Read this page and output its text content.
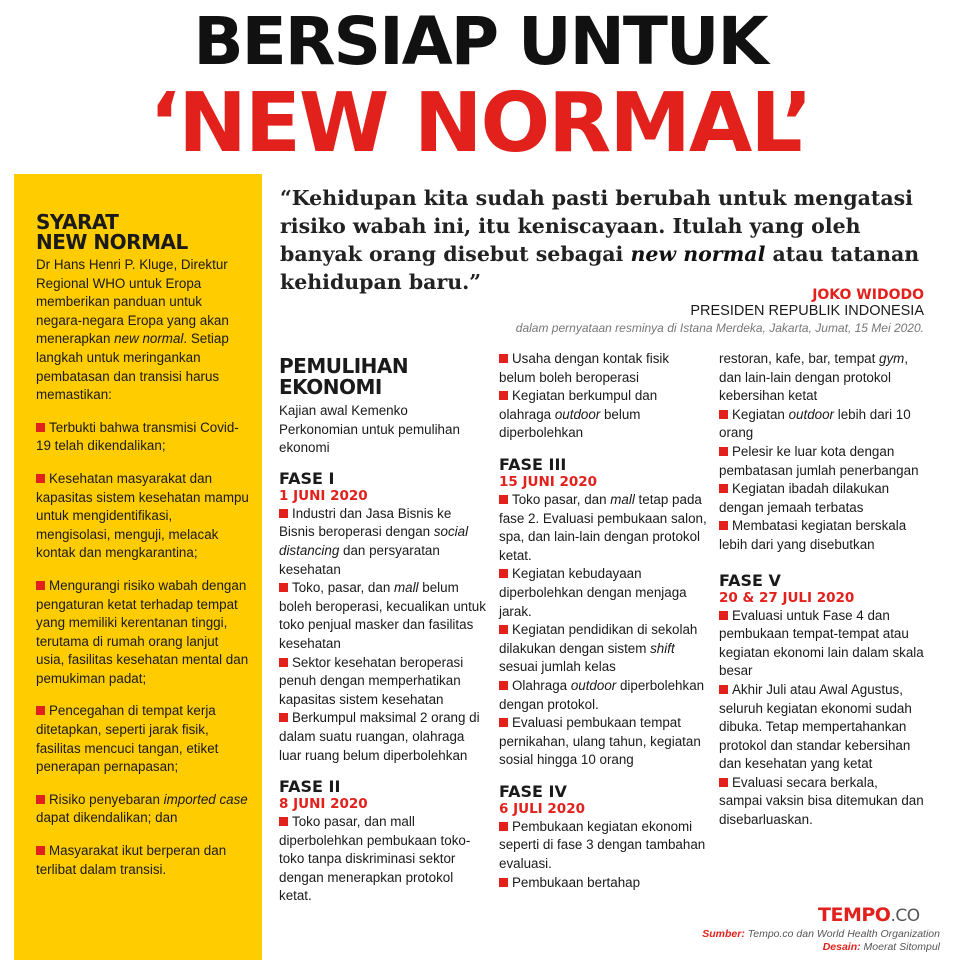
BERSIAP UNTUK
‘NEW NORMAL’
SYARAT
NEW NORMAL
Dr Hans Henri P. Kluge, Direktur Regional WHO untuk Eropa memberikan panduan untuk negara-negara Eropa yang akan menerapkan new normal. Setiap langkah untuk meringankan pembatasan dan transisi harus memastikan:
Terbukti bahwa transmisi Covid-19 telah dikendalikan;
Kesehatan masyarakat dan kapasitas sistem kesehatan mampu untuk mengidentifikasi, mengisolasi, menguji, melacak kontak dan mengkarantina;
Mengurangi risiko wabah dengan pengaturan ketat terhadap tempat yang memiliki kerentanan tinggi, terutama di rumah orang lanjut usia, fasilitas kesehatan mental dan pemukiman padat;
Pencegahan di tempat kerja ditetapkan, seperti jarak fisik, fasilitas mencuci tangan, etiket penerapan pernapasan;
Risiko penyebaran imported case dapat dikendalikan; dan
Masyarakat ikut berperan dan terlibat dalam transisi.
“Kehidupan kita sudah pasti berubah untuk mengatasi risiko wabah ini, itu keniscayaan. Itulah yang oleh banyak orang disebut sebagai new normal atau tatanan kehidupan baru.”
JOKO WIDODO
PRESIDEN REPUBLIK INDONESIA
dalam pernyataan resminya di Istana Merdeka, Jakarta, Jumat, 15 Mei 2020.
PEMULIHAN
EKONOMI
Kajian awal Kemenko Perkonomian untuk pemulihan ekonomi
FASE I
1 JUNI 2020
Industri dan Jasa Bisnis ke Bisnis beroperasi dengan social distancing dan persyaratan kesehatan
Toko, pasar, dan mall belum boleh beroperasi, kecualikan untuk toko penjual masker dan fasilitas kesehatan
Sektor kesehatan beroperasi penuh dengan memperhatikan kapasitas sistem kesehatan
Berkumpul maksimal 2 orang di dalam suatu ruangan, olahraga luar ruang belum diperbolehkan
FASE II
8 JUNI 2020
Toko pasar, dan mall diperbolehkan pembukaan toko-toko tanpa diskriminasi sektor dengan menerapkan protokol ketat.
Usaha dengan kontak fisik belum boleh beroperasi
Kegiatan berkumpul dan olahraga outdoor belum diperbolehkan
FASE III
15 JUNI 2020
Toko pasar, dan mall tetap pada fase 2. Evaluasi pembukaan salon, spa, dan lain-lain dengan protokol ketat.
Kegiatan kebudayaan diperbolehkan dengan menjaga jarak.
Kegiatan pendidikan di sekolah dilakukan dengan sistem shift sesuai jumlah kelas
Olahraga outdoor diperbolehkan dengan protokol.
Evaluasi pembukaan tempat pernikahan, ulang tahun, kegiatan sosial hingga 10 orang
FASE IV
6 JULI 2020
Pembukaan kegiatan ekonomi seperti di fase 3 dengan tambahan evaluasi.
Pembukaan bertahap
restoran, kafe, bar, tempat gym, dan lain-lain dengan protokol kebersihan ketat
Kegiatan outdoor lebih dari 10 orang
Pelesir ke luar kota dengan pembatasan jumlah penerbangan
Kegiatan ibadah dilakukan dengan jemaah terbatas
Membatasi kegiatan berskala lebih dari yang disebutkan
FASE V
20 & 27 JULI 2020
Evaluasi untuk Fase 4 dan pembukaan tempat-tempat atau kegiatan ekonomi lain dalam skala besar
Akhir Juli atau Awal Agustus, seluruh kegiatan ekonomi sudah dibuka. Tetap mempertahankan protokol dan standar kebersihan dan kesehatan yang ketat
Evaluasi secara berkala, sampai vaksin bisa ditemukan dan disebarluaskan.
TEMPO.CO
Sumber: Tempo.co dan World Health Organization Desain: Moerat Sitompul
